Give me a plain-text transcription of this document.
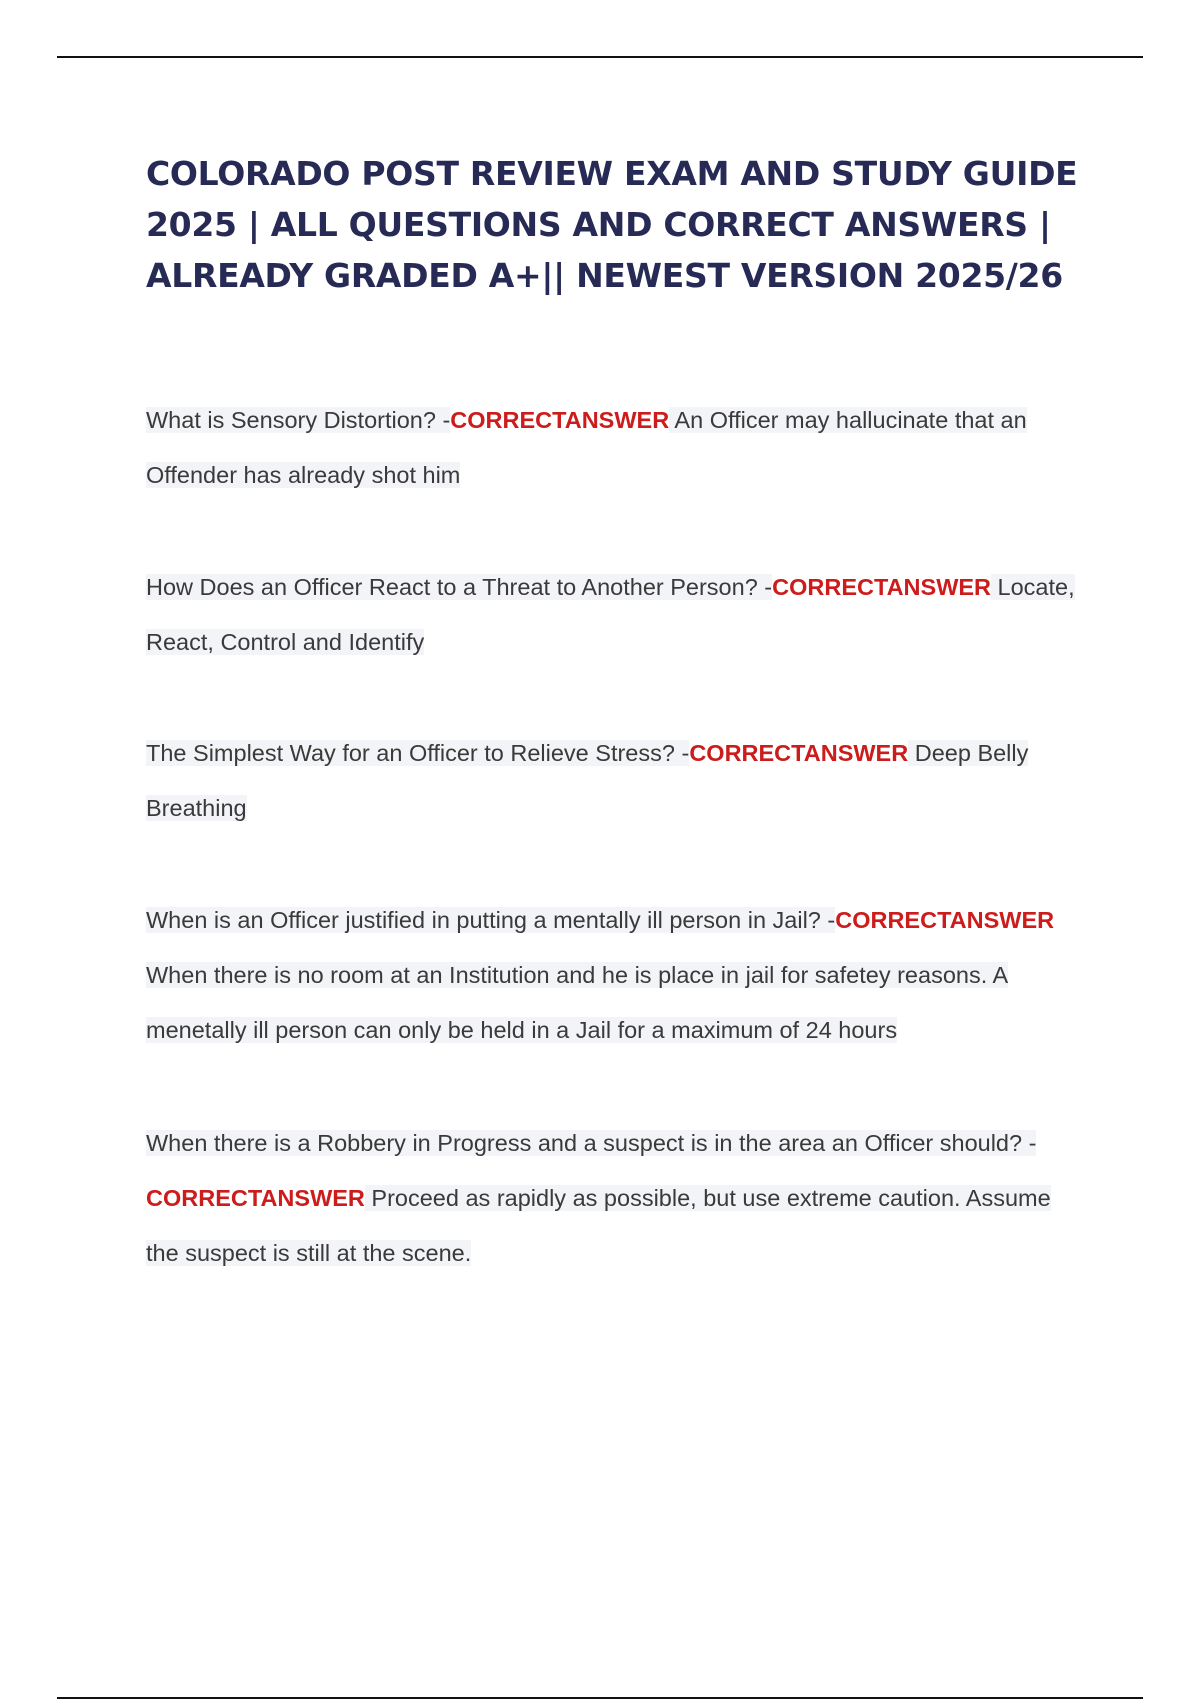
COLORADO POST REVIEW EXAM AND STUDY GUIDE 2025 | ALL QUESTIONS AND CORRECT ANSWERS | ALREADY GRADED A+|| NEWEST VERSION 2025/26

What is Sensory Distortion? -CORRECTANSWER An Officer may hallucinate that an Offender has already shot him

How Does an Officer React to a Threat to Another Person? -CORRECTANSWER Locate, React, Control and Identify

The Simplest Way for an Officer to Relieve Stress? -CORRECTANSWER Deep Belly Breathing

When is an Officer justified in putting a mentally ill person in Jail? -CORRECTANSWER When there is no room at an Institution and he is place in jail for safetey reasons. A menetally ill person can only be held in a Jail for a maximum of 24 hours

When there is a Robbery in Progress and a suspect is in the area an Officer should? -CORRECTANSWER Proceed as rapidly as possible, but use extreme caution. Assume the suspect is still at the scene.
